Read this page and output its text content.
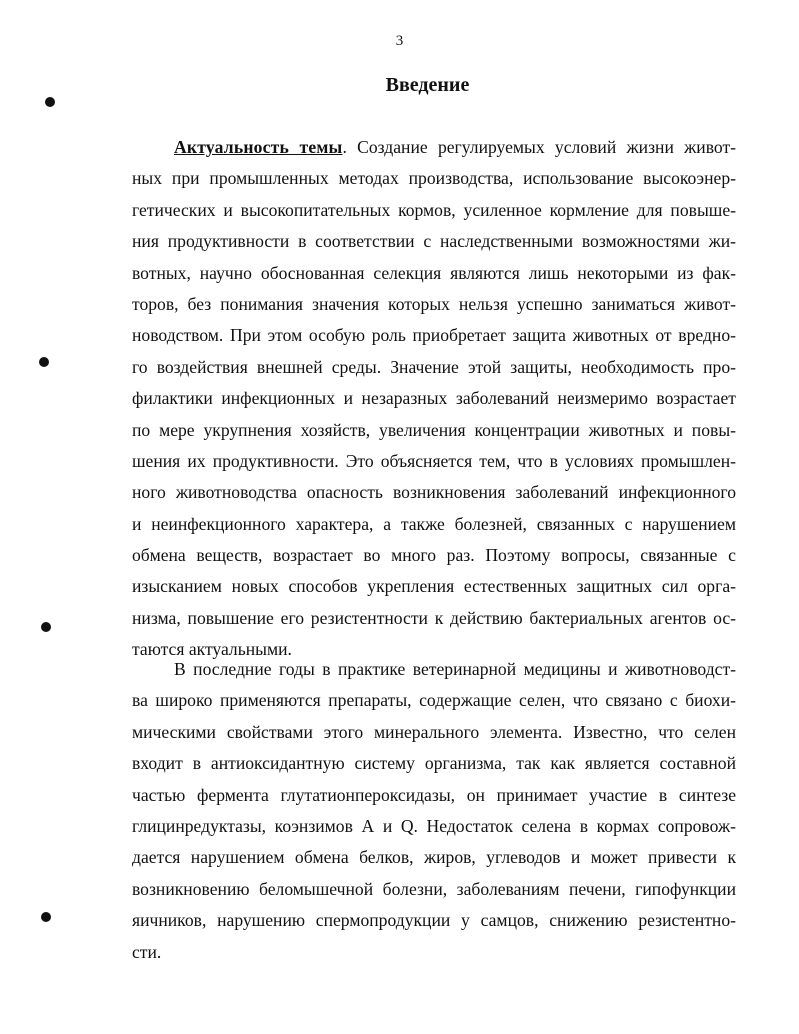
3
Введение
Актуальность темы. Создание регулируемых условий жизни живот-
ных при промышленных методах производства, использование высокоэнер-
гетических и высокопитательных кормов, усиленное кормление для повыше-
ния продуктивности в соответствии с наследственными возможностями жи-
вотных, научно обоснованная селекция являются лишь некоторыми из фак-
торов, без понимания значения которых нельзя успешно заниматься живот-
новодством. При этом особую роль приобретает защита животных от вредно-
го воздействия внешней среды. Значение этой защиты, необходимость про-
филактики инфекционных и незаразных заболеваний неизмеримо возрастает
по мере укрупнения хозяйств, увеличения концентрации животных и повы-
шения их продуктивности. Это объясняется тем, что в условиях промышлен-
ного животноводства опасность возникновения заболеваний инфекционного
и неинфекционного характера, а также болезней, связанных с нарушением
обмена веществ, возрастает во много раз. Поэтому вопросы, связанные с
изысканием новых способов укрепления естественных защитных сил орга-
низма, повышение его резистентности к действию бактериальных агентов ос-
таются актуальными.
В последние годы в практике ветеринарной медицины и животноводст-
ва широко применяются препараты, содержащие селен, что связано с биохи-
мическими свойствами этого минерального элемента. Известно, что селен
входит в антиоксидантную систему организма, так как является составной
частью фермента глутатионпероксидазы, он принимает участие в синтезе
глицинредуктазы, коэнзимов А и Q. Недостаток селена в кормах сопровож-
дается нарушением обмена белков, жиров, углеводов и может привести к
возникновению беломышечной болезни, заболеваниям печени, гипофункции
яичников, нарушению спермопродукции у самцов, снижению резистентно-
сти.
